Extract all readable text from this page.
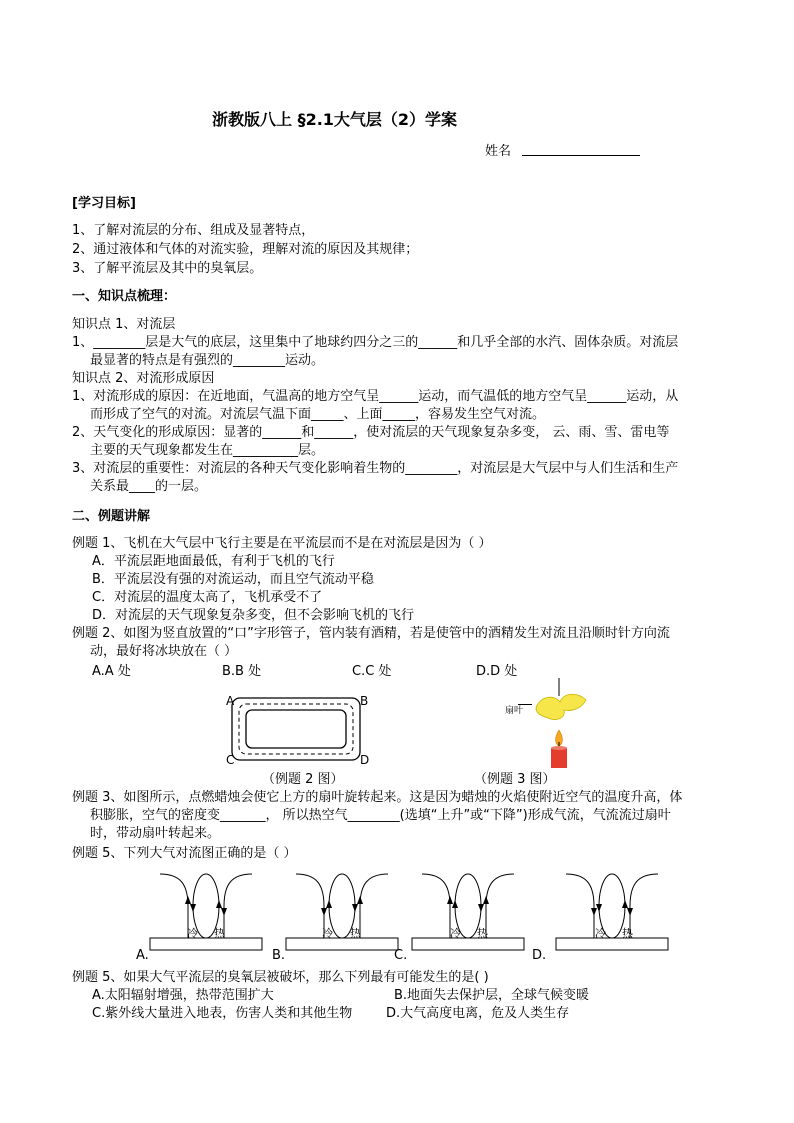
浙教版八上 §2.1大气层（2）学案
姓名
[学习目标]
1、了解对流层的分布、组成及显著特点，
2、通过液体和气体的对流实验，理解对流的原因及其规律；
3、了解平流层及其中的臭氧层。
一、知识点梳理：
知识点 1、对流层
1、________层是大气的底层，这里集中了地球约四分之三的______和几乎全部的水汽、固体杂质。对流层
最显著的特点是有强烈的________运动。
知识点 2、对流形成原因
1、对流形成的原因：在近地面，气温高的地方空气呈______运动，而气温低的地方空气呈______运动，从
而形成了空气的对流。对流层气温下面_____、上面_____，容易发生空气对流。
2、天气变化的形成原因：显著的______和______，使对流层的天气现象复杂多变， 云、雨、雪、雷电等
主要的天气现象都发生在__________层。
3、对流层的重要性：对流层的各种天气变化影响着生物的________，对流层是大气层中与人们生活和生产
关系最____的一层。
二、例题讲解
例题 1、飞机在大气层中飞行主要是在平流层而不是在对流层是因为（ ）
A．平流层距地面最低，有利于飞机的飞行
B．平流层没有强的对流运动，而且空气流动平稳
C．对流层的温度太高了，飞机承受不了
D．对流层的天气现象复杂多变，但不会影响飞机的飞行
例题 2、如图为竖直放置的“口”字形管子，管内装有酒精，若是使管中的酒精发生对流且沿顺时针方向流
动，最好将冰块放在（ ）
A.A 处	B.B 处	C.C 处	D.D 处
A	B
C	D
（例题 2 图）
扇叶
（例题 3 图）
例题 3、如图所示，点燃蜡烛会使它上方的扇叶旋转起来。这是因为蜡烛的火焰使附近空气的温度升高，体
积膨胀，空气的密度变_______， 所以热空气________(选填“上升”或“下降”)形成气流，气流流过扇叶
时，带动扇叶转起来。
例题 5、下列大气对流图正确的是（ ）
冷 热
A.
冷 热
B.
冷 热
C.
冷 热
D.
例题 5、如果大气平流层的臭氧层被破坏，那么下列最有可能发生的是( )
A.太阳辐射增强，热带范围扩大	B.地面失去保护层，全球气候变暖
C.紫外线大量进入地表，伤害人类和其他生物	D.大气高度电离，危及人类生存
